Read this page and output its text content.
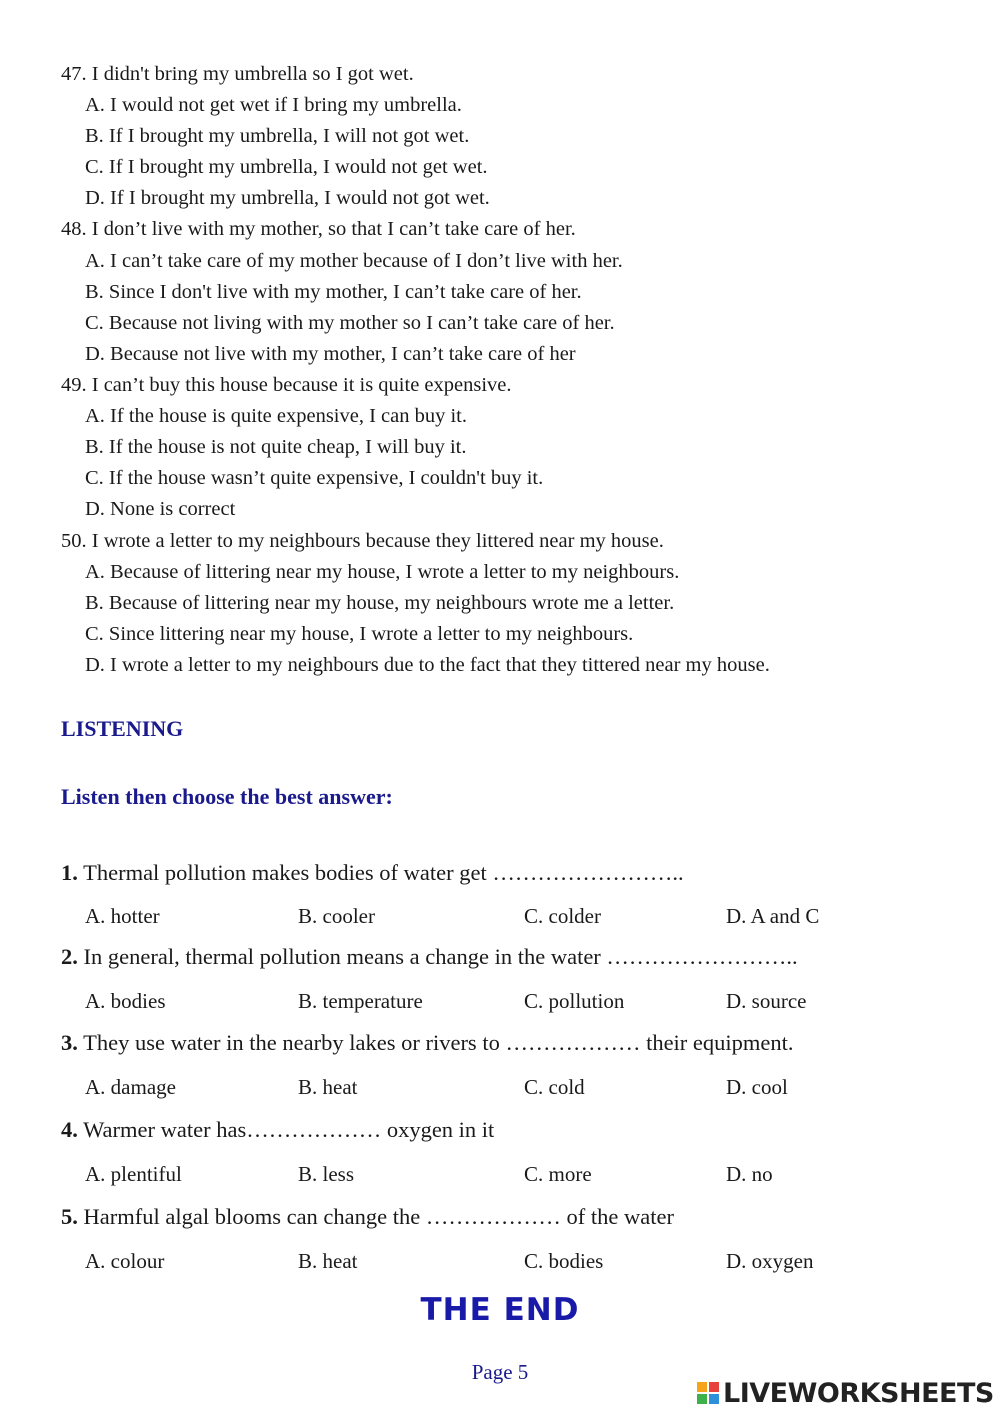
47. I didn't bring my umbrella so I got wet.
A. I would not get wet if I bring my umbrella.
B. If I brought my umbrella, I will not got wet.
C. If I brought my umbrella, I would not get wet.
D. If I brought my umbrella, I would not got wet.
48. I don’t live with my mother, so that I can’t take care of her.
A. I can’t take care of my mother because of I don’t live with her.
B. Since I don't live with my mother, I can’t take care of her.
C. Because not living with my mother so I can’t take care of her.
D. Because not live with my mother, I can’t take care of her
49. I can’t buy this house because it is quite expensive.
A. If the house is quite expensive, I can buy it.
B. If the house is not quite cheap, I will buy it.
C. If the house wasn’t quite expensive, I couldn't buy it.
D. None is correct
50. I wrote a letter to my neighbours because they littered near my house.
A. Because of littering near my house, I wrote a letter to my neighbours.
B. Because of littering near my house, my neighbours wrote me a letter.
C. Since littering near my house, I wrote a letter to my neighbours.
D. I wrote a letter to my neighbours due to the fact that they tittered near my house.
LISTENING
Listen then choose the best answer:
1. Thermal pollution makes bodies of water get ……………………..
A. hotter	B. cooler	C. colder	D. A and C
2. In general, thermal pollution means a change in the water ……………………..
A. bodies	B. temperature	C. pollution	D. source
3. They use water in the nearby lakes or rivers to ……………… their equipment.
A. damage	B. heat	C. cold	D. cool
4. Warmer water has……………… oxygen in it
A. plentiful	B. less	C. more	D. no
5. Harmful algal blooms can change the ……………… of the water
A. colour	B. heat	C. bodies	D. oxygen
THE END
Page 5
LIVEWORKSHEETS
